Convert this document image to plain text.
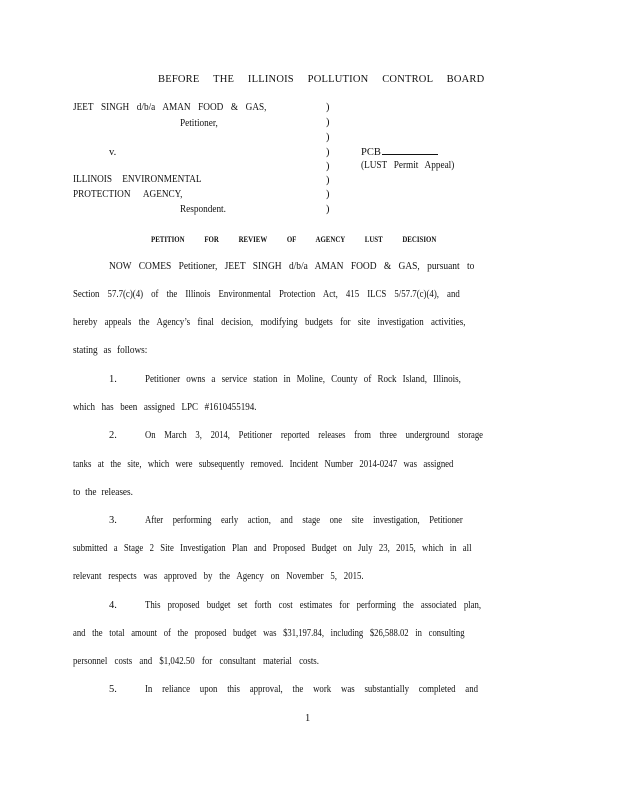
BEFORE THE ILLINOIS POLLUTION CONTROL BOARD
JEET SINGH d/b/a AMAN FOOD & GAS,
Petitioner,
v.
ILLINOIS ENVIRONMENTAL
PROTECTION AGENCY,
Respondent.
)
)
)
)
)
)
)
)
PCB
(LUST Permit Appeal)
PETITION FOR REVIEW OF AGENCY LUST DECISION
NOW COMES Petitioner, JEET SINGH d/b/a AMAN FOOD & GAS, pursuant to
Section 57.7(c)(4) of the Illinois Environmental Protection Act, 415 ILCS 5/57.7(c)(4), and
hereby appeals the Agency’s final decision, modifying budgets for site investigation activities,
stating as follows:
1.	Petitioner owns a service station in Moline, County of Rock Island, Illinois,
which has been assigned LPC #1610455194.
2.	On March 3, 2014, Petitioner reported releases from three underground storage
tanks at the site, which were subsequently removed. Incident Number 2014-0247 was assigned
to the releases.
3.	After performing early action, and stage one site investigation, Petitioner
submitted a Stage 2 Site Investigation Plan and Proposed Budget on July 23, 2015, which in all
relevant respects was approved by the Agency on November 5, 2015.
4.	This proposed budget set forth cost estimates for performing the associated plan,
and the total amount of the proposed budget was $31,197.84, including $26,588.02 in consulting
personnel costs and $1,042.50 for consultant material costs.
5.	In reliance upon this approval, the work was substantially completed and
1
